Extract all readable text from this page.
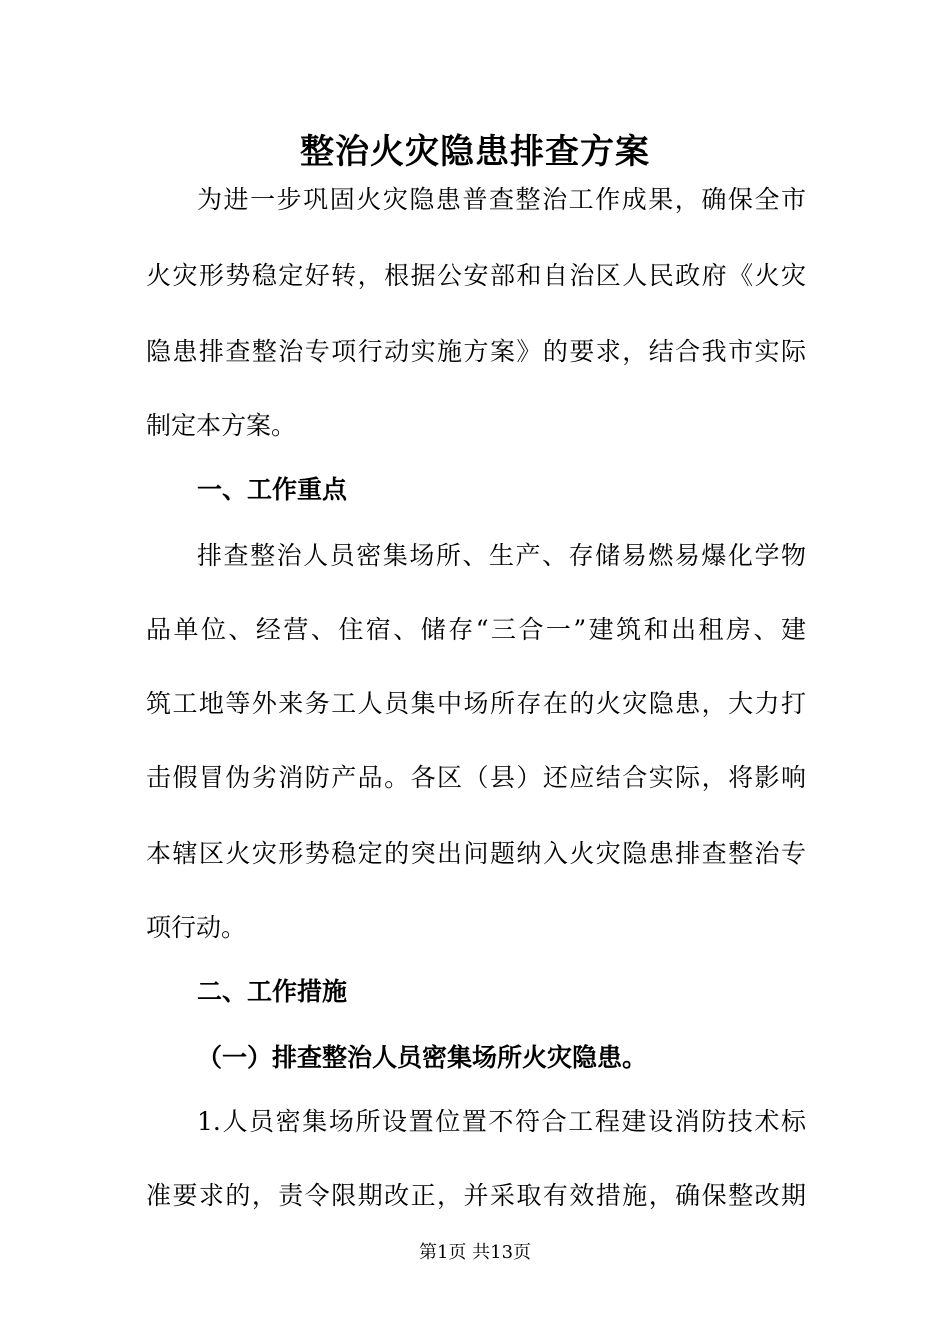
整治火灾隐患排查方案
为进一步巩固火灾隐患普查整治工作成果，确保全市
火灾形势稳定好转，根据公安部和自治区人民政府《火灾
隐患排查整治专项行动实施方案》的要求，结合我市实际
制定本方案。
一、工作重点
排查整治人员密集场所、生产、存储易燃易爆化学物
品单位、经营、住宿、储存“三合一”建筑和出租房、建
筑工地等外来务工人员集中场所存在的火灾隐患，大力打
击假冒伪劣消防产品。各区（县）还应结合实际，将影响
本辖区火灾形势稳定的突出问题纳入火灾隐患排查整治专
项行动。
二、工作措施
（一）排查整治人员密集场所火灾隐患。
1.人员密集场所设置位置不符合工程建设消防技术标
准要求的，责令限期改正，并采取有效措施，确保整改期
第1页 共13页
